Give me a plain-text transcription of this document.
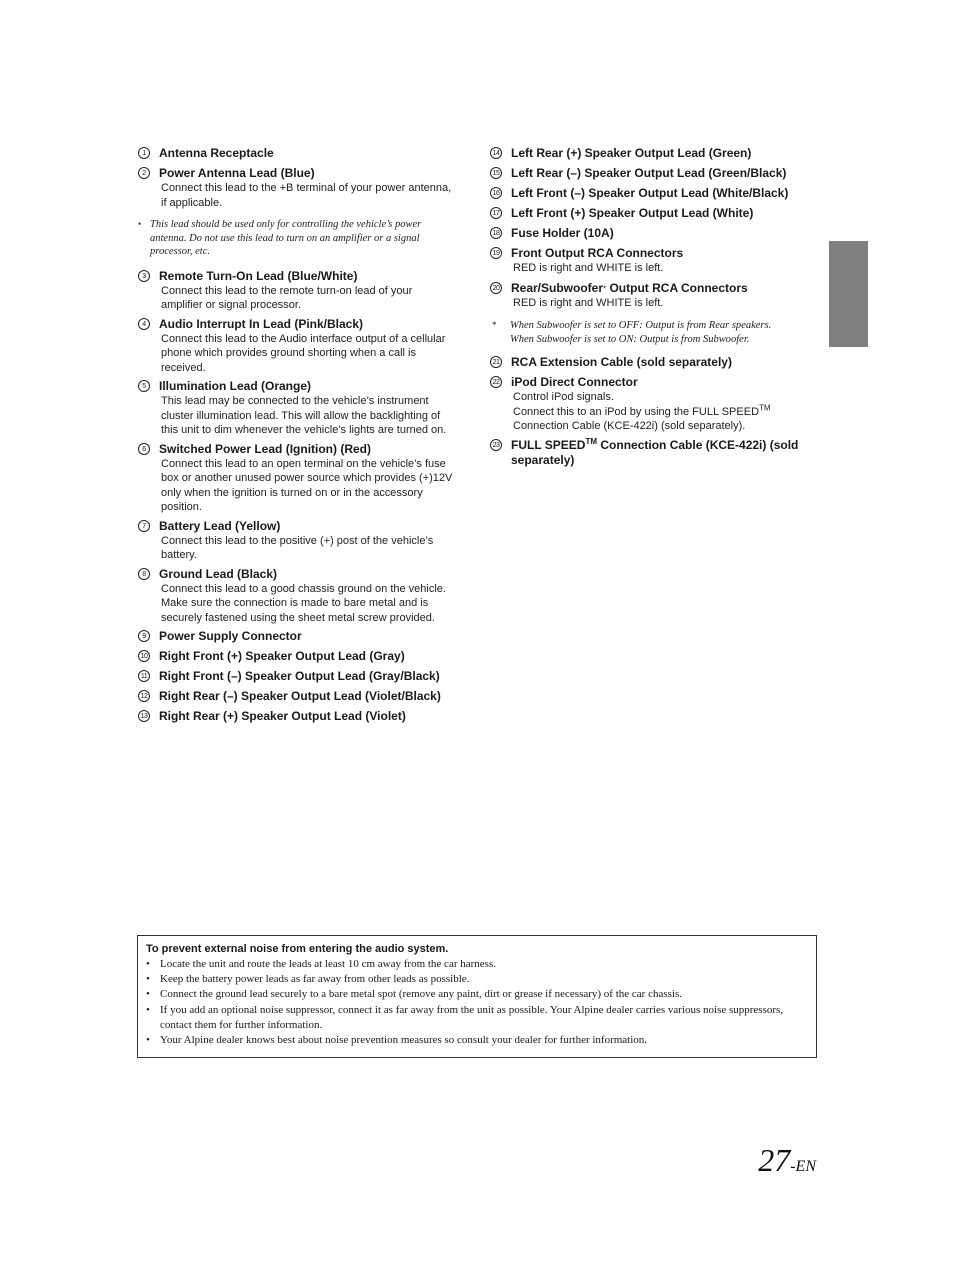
1	Antenna Receptacle
2	Power Antenna Lead (Blue)
Connect this lead to the +B terminal of your power antenna,
if applicable.
• This lead should be used only for controlling the vehicle’s power
antenna. Do not use this lead to turn on an amplifier or a signal
processor, etc.
3	Remote Turn-On Lead (Blue/White)
Connect this lead to the remote turn-on lead of your
amplifier or signal processor.
4	Audio Interrupt In Lead (Pink/Black)
Connect this lead to the Audio interface output of a cellular
phone which provides ground shorting when a call is
received.
5	Illumination Lead (Orange)
This lead may be connected to the vehicle’s instrument
cluster illumination lead. This will allow the backlighting of
this unit to dim whenever the vehicle’s lights are turned on.
6	Switched Power Lead (Ignition) (Red)
Connect this lead to an open terminal on the vehicle’s fuse
box or another unused power source which provides (+)12V
only when the ignition is turned on or in the accessory
position.
7	Battery Lead (Yellow)
Connect this lead to the positive (+) post of the vehicle’s
battery.
8	Ground Lead (Black)
Connect this lead to a good chassis ground on the vehicle.
Make sure the connection is made to bare metal and is
securely fastened using the sheet metal screw provided.
9	Power Supply Connector
10 Right Front (+) Speaker Output Lead (Gray)
11 Right Front (–) Speaker Output Lead (Gray/Black)
12 Right Rear (–) Speaker Output Lead (Violet/Black)
13 Right Rear (+) Speaker Output Lead (Violet)
14 Left Rear (+) Speaker Output Lead (Green)
15 Left Rear (–) Speaker Output Lead (Green/Black)
16 Left Front (–) Speaker Output Lead (White/Black)
17 Left Front (+) Speaker Output Lead (White)
18 Fuse Holder (10A)
19 Front Output RCA Connectors
RED is right and WHITE is left.
20 Rear/Subwoofer* Output RCA Connectors
RED is right and WHITE is left.
* When Subwoofer is set to OFF: Output is from Rear speakers.
When Subwoofer is set to ON: Output is from Subwoofer.
21 RCA Extension Cable (sold separately)
22 iPod Direct Connector
Control iPod signals.
Connect this to an iPod by using the FULL SPEED™
Connection Cable (KCE-422i) (sold separately).
23 FULL SPEED™ Connection Cable (KCE-422i) (sold
separately)
To prevent external noise from entering the audio system.
• Locate the unit and route the leads at least 10 cm away from the car harness.
• Keep the battery power leads as far away from other leads as possible.
• Connect the ground lead securely to a bare metal spot (remove any paint, dirt or grease if necessary) of the car chassis.
• If you add an optional noise suppressor, connect it as far away from the unit as possible. Your Alpine dealer carries various noise suppressors, contact them for further information.
• Your Alpine dealer knows best about noise prevention measures so consult your dealer for further information.
27-EN
